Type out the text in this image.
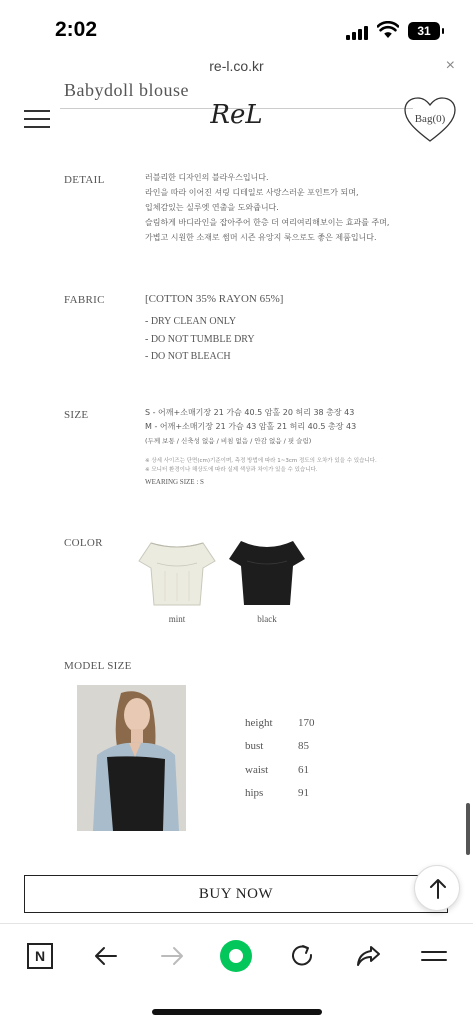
2:02	31
re-l.co.kr	×
Babydoll blouse
ReL	Bag(0)
DETAIL	러블리한 디자인의 블라우스입니다.
라인을 따라 이어진 셔링 디테일로 사랑스러운 포인트가 되며,
입체감있는 실루엣 연출을 도와줍니다.
슬림하게 바디라인을 잡아주어 한층 더 여리여리해보이는 효과를 주며,
가볍고 시원한 소재로 썸머 시즌 유앙지 룩으로도 좋은 제품입니다.
FABRIC	[COTTON 35% RAYON 65%]
- DRY CLEAN ONLY
- DO NOT TUMBLE DRY
- DO NOT BLEACH
SIZE	S - 어깨+소매기장 21 가슴 40.5 암홀 20 허리 38 총장 43
M - 어깨+소매기장 21 가슴 43 암홀 21 허리 40.5 총장 43
(두께 보통 / 신축성 없음 / 비침 없음 / 안감 없음 / 핏 슬림)
※ 상세 사이즈는 단면(cm)기준이며, 측정 방법에 따라 1~3cm 정도의 오차가 있을 수 있습니다.
※ 모니터 환경이나 해상도에 따라 실제 색상과 차이가 있을 수 있습니다.
WEARING SIZE : S
COLOR
mint	black
MODEL SIZE
height 170
bust	85
waist	61
hips	91
BUY NOW
N
